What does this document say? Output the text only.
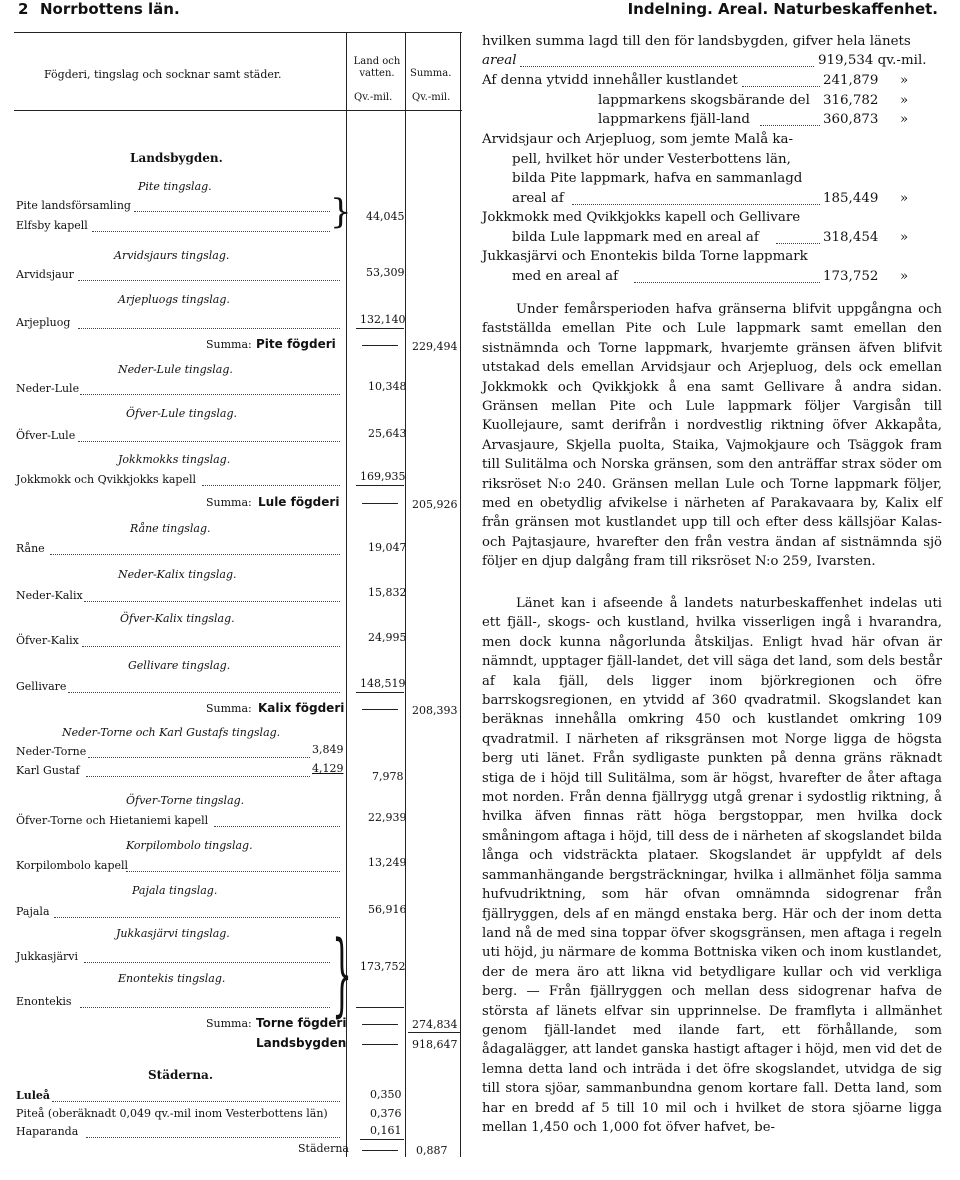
2 Norrbottens län.	Indelning. Areal. Naturbeskaffenhet.
Fögderi, tingslag och socknar samt städer.
Land och vatten.
Qv.-mil.
Summa.
Qv.-mil.
Landsbygden.
Pite tingslag.
Pite landsförsamling
Elfsby kapell	} 44,045
Arvidsjaurs tingslag.
Arvidsjaur	53,309
Arjepluogs tingslag.
Arjepluog	132,140
Summa: Pite fögderi	229,494
Neder-Lule tingslag.
Neder-Lule	10,348
Öfver-Lule tingslag.
Öfver-Lule	25,643
Jokkmokks tingslag.
Jokkmokk och Qvikkjokks kapell	169,935
Summa: Lule fögderi	205,926
Råne tingslag.
Råne	19,047
Neder-Kalix tingslag.
Neder-Kalix	15,832
Öfver-Kalix tingslag.
Öfver-Kalix	24,995
Gellivare tingslag.
Gellivare	148,519
Summa: Kalix fögderi	208,393
Neder-Torne och Karl Gustafs tingslag.
Neder-Torne	3,849
Karl Gustaf	4,129
7,978
Öfver-Torne tingslag.
Öfver-Torne och Hietaniemi kapell	22,939
Korpilombolo tingslag.
Korpilombolo kapell	13,249
Pajala tingslag.
Pajala	56,916
Jukkasjärvi tingslag.
Jukkasjärvi
Enontekis tingslag.
Enontekis	} 173,752
Summa: Torne fögderi	274,834
Landsbygden	918,647
Städerna.
Luleå	0,350
Piteå (oberäknadt 0,049 qv.-mil inom Vesterbottens län)	0,376
Haparanda	0,161
Städerna	0,887
hvilken summa lagd till den för landsbygden, gifver hela länets
areal	919,534 qv.-mil.
Af denna ytvidd innehåller kustlandet	241,879 »
lappmarkens skogsbärande del 316,782 »
lappmarkens fjäll-land	360,873 »
Arvidsjaur och Arjepluog, som jemte Malå ka-
pell, hvilket hör under Vesterbottens län,
bilda Pite lappmark, hafva en sammanlagd
areal af	185,449 »
Jokkmokk med Qvikkjokks kapell och Gellivare
bilda Lule lappmark med en areal af	318,454 »
Jukkasjärvi och Enontekis bilda Torne lappmark
med en areal af	173,752 »
Under femårsperioden hafva gränserna blifvit uppgångna och fastställda emellan Pite och Lule lappmark samt emellan den sistnämnda och Torne lappmark, hvarjemte gränsen äfven blifvit utstakad dels emellan Arvidsjaur och Arjepluog, dels ock emellan Jokkmokk och Qvikkjokk å ena samt Gellivare å andra sidan. Gränsen mellan Pite och Lule lappmark följer Vargisån till Kuollejaure, samt derifrån i nordvestlig riktning öfver Akkapåta, Arvasjaure, Skjella puolta, Staika, Vajmokjaure och Tsäggok fram till Sulitälma och Norska gränsen, som den anträffar strax söder om riksröset N:o 240. Gränsen mellan Lule och Torne lappmark följer, med en obetydlig afvikelse i närheten af Parakavaara by, Kalix elf från gränsen mot kustlandet upp till och efter dess källsjöar Kalas- och Pajtasjaure, hvarefter den från vestra ändan af sistnämnda sjö följer en djup dalgång fram till riksröset N:o 259, Ivarsten.
Länet kan i afseende å landets naturbeskaffenhet indelas uti ett fjäll-, skogs- och kustland, hvilka visserligen ingå i hvarandra, men dock kunna någorlunda åtskiljas. Enligt hvad här ofvan är nämndt, upptager fjäll-landet, det vill säga det land, som dels består af kala fjäll, dels ligger inom björkregionen och öfre barrskogsregionen, en ytvidd af 360 qvadratmil. Skogslandet kan beräknas innehålla omkring 450 och kustlandet omkring 109 qvadratmil. I närheten af riksgränsen mot Norge ligga de högsta berg uti länet. Från sydligaste punkten på denna gräns räknadt stiga de i höjd till Sulitälma, som är högst, hvarefter de åter aftaga mot norden. Från denna fjällrygg utgå grenar i sydostlig riktning, å hvilka äfven finnas rätt höga bergstoppar, men hvilka dock småningom aftaga i höjd, till dess de i närheten af skogslandet bilda långa och vidsträckta plataer. Skogslandet är uppfyldt af dels sammanhängande bergsträckningar, hvilka i allmänhet följa samma hufvudriktning, som här ofvan omnämnda sidogrenar från fjällryggen, dels af en mängd enstaka berg. Här och der inom detta land nå de med sina toppar öfver skogsgränsen, men aftaga i regeln uti höjd, ju närmare de komma Bottniska viken och inom kustlandet, der de mera äro att likna vid betydligare kullar och vid verkliga berg. — Från fjällryggen och mellan dess sidogrenar hafva de största af länets elfvar sin upprinnelse. De framflyta i allmänhet genom fjäll-landet med ilande fart, ett förhållande, som ådagalägger, att landet ganska hastigt aftager i höjd, men vid det de lemna detta land och inträda i det öfre skogslandet, utvidga de sig till stora sjöar, sammanbundna genom kortare fall. Detta land, som har en bredd af 5 till 10 mil och i hvilket de stora sjöarne ligga mellan 1,450 och 1,000 fot öfver hafvet, be-
